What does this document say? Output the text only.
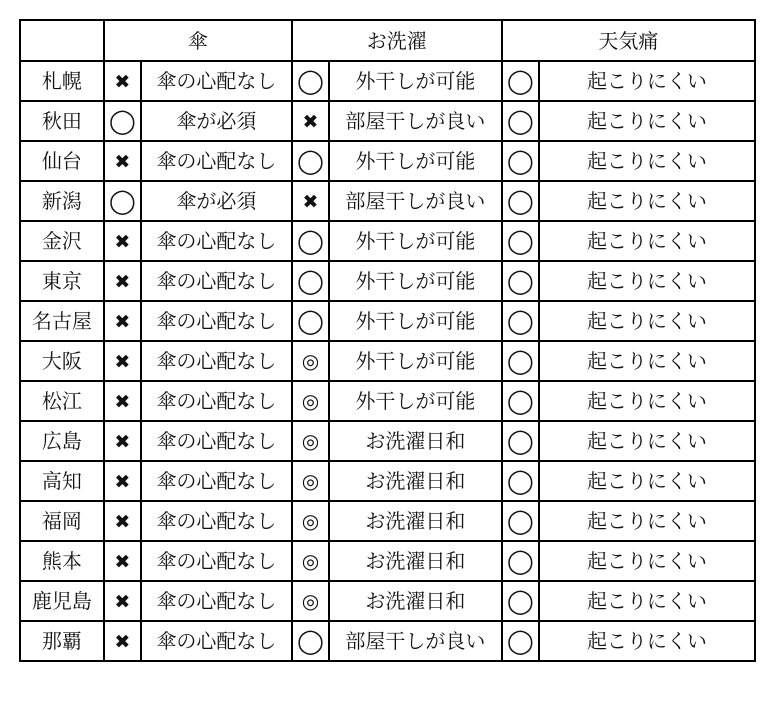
	傘		お洗濯		天気痛	
札幌	✖	傘の心配なし	◯	外干しが可能	◯	起こりにくい
秋田	◯	傘が必須	✖	部屋干しが良い	◯	起こりにくい
仙台	✖	傘の心配なし	◯	外干しが可能	◯	起こりにくい
新潟	◯	傘が必須	✖	部屋干しが良い	◯	起こりにくい
金沢	✖	傘の心配なし	◯	外干しが可能	◯	起こりにくい
東京	✖	傘の心配なし	◯	外干しが可能	◯	起こりにくい
名古屋	✖	傘の心配なし	◯	外干しが可能	◯	起こりにくい
大阪	✖	傘の心配なし	◎	外干しが可能	◯	起こりにくい
松江	✖	傘の心配なし	◎	外干しが可能	◯	起こりにくい
広島	✖	傘の心配なし	◎	お洗濯日和	◯	起こりにくい
高知	✖	傘の心配なし	◎	お洗濯日和	◯	起こりにくい
福岡	✖	傘の心配なし	◎	お洗濯日和	◯	起こりにくい
熊本	✖	傘の心配なし	◎	お洗濯日和	◯	起こりにくい
鹿児島	✖	傘の心配なし	◎	お洗濯日和	◯	起こりにくい
那覇	✖	傘の心配なし	◯	部屋干しが良い	◯	起こりにくい
